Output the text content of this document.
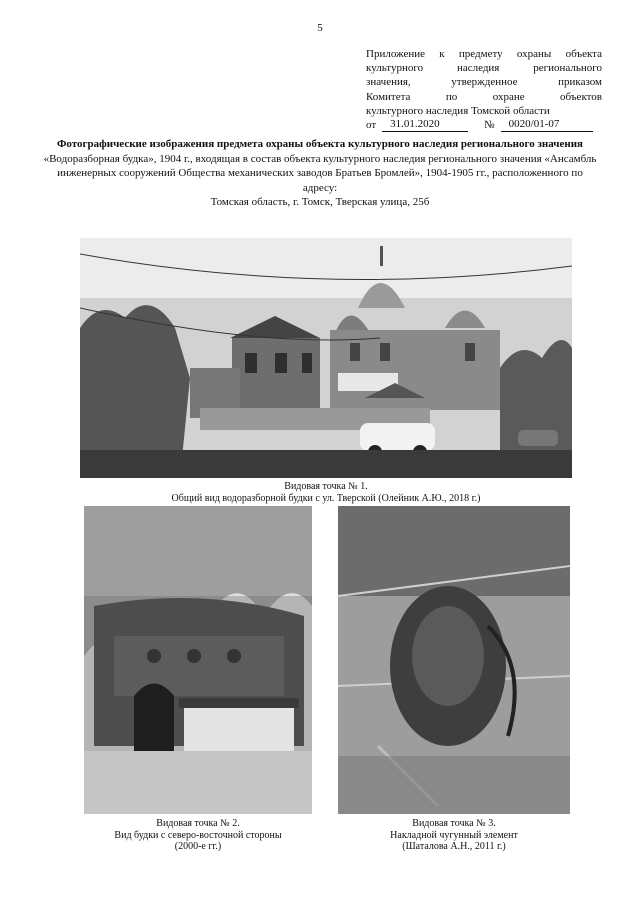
5
Приложение к предмету охраны объекта
культурного наследия регионального
значения, утвержденное приказом
Комитета по охране объектов
культурного наследия Томской области
от	31.01.2020	№	0020/01-07
Фотографические изображения предмета охраны объекта культурного наследия регионального значения «Водоразборная будка», 1904 г., входящая в состав объекта культурного наследия регионального значения «Ансамбль инженерных сооружений Общества механических заводов Братьев Бромлей», 1904-1905 гг., расположенного по адресу:
Томская область, г. Томск, Тверская улица, 25б
Видовая точка № 1.
Общий вид водоразборной будки с ул. Тверской (Олейник А.Ю., 2018 г.)
Видовая точка № 2.
Вид будки с северо-восточной стороны
(2000-е гг.)
Видовая точка № 3.
Накладной чугунный элемент
(Шаталова А.Н., 2011 г.)
